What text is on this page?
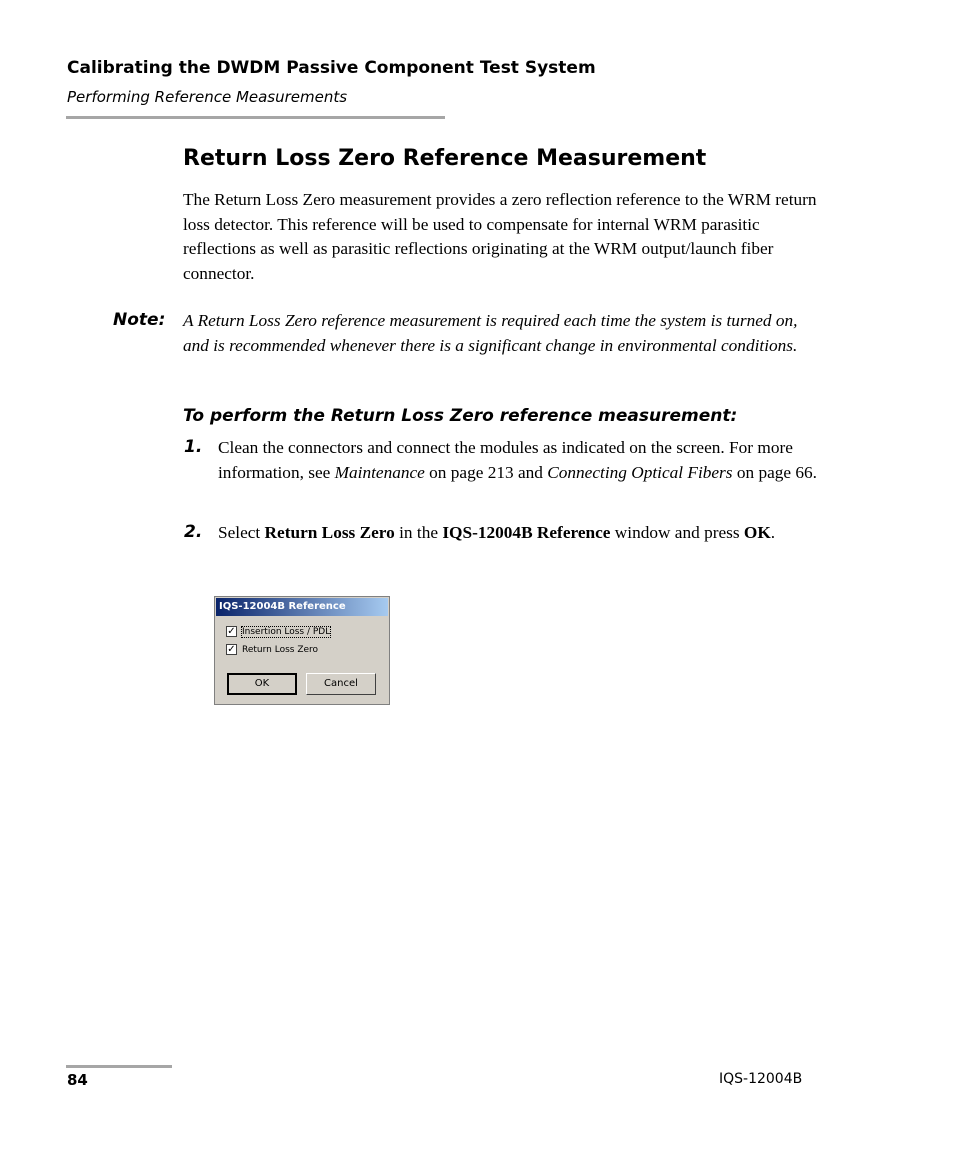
Calibrating the DWDM Passive Component Test System
Performing Reference Measurements
Return Loss Zero Reference Measurement
The Return Loss Zero measurement provides a zero reflection reference to the WRM return loss detector. This reference will be used to compensate for internal WRM parasitic reflections as well as parasitic reflections originating at the WRM output/launch fiber connector.
Note: A Return Loss Zero reference measurement is required each time the system is turned on, and is recommended whenever there is a significant change in environmental conditions.
To perform the Return Loss Zero reference measurement:
1. Clean the connectors and connect the modules as indicated on the screen. For more information, see Maintenance on page 213 and Connecting Optical Fibers on page 66.
2. Select Return Loss Zero in the IQS-12004B Reference window and press OK.
IQS-12004B Reference
✓ Insertion Loss / PDL
✓ Return Loss Zero
OK	Cancel
84	IQS-12004B
